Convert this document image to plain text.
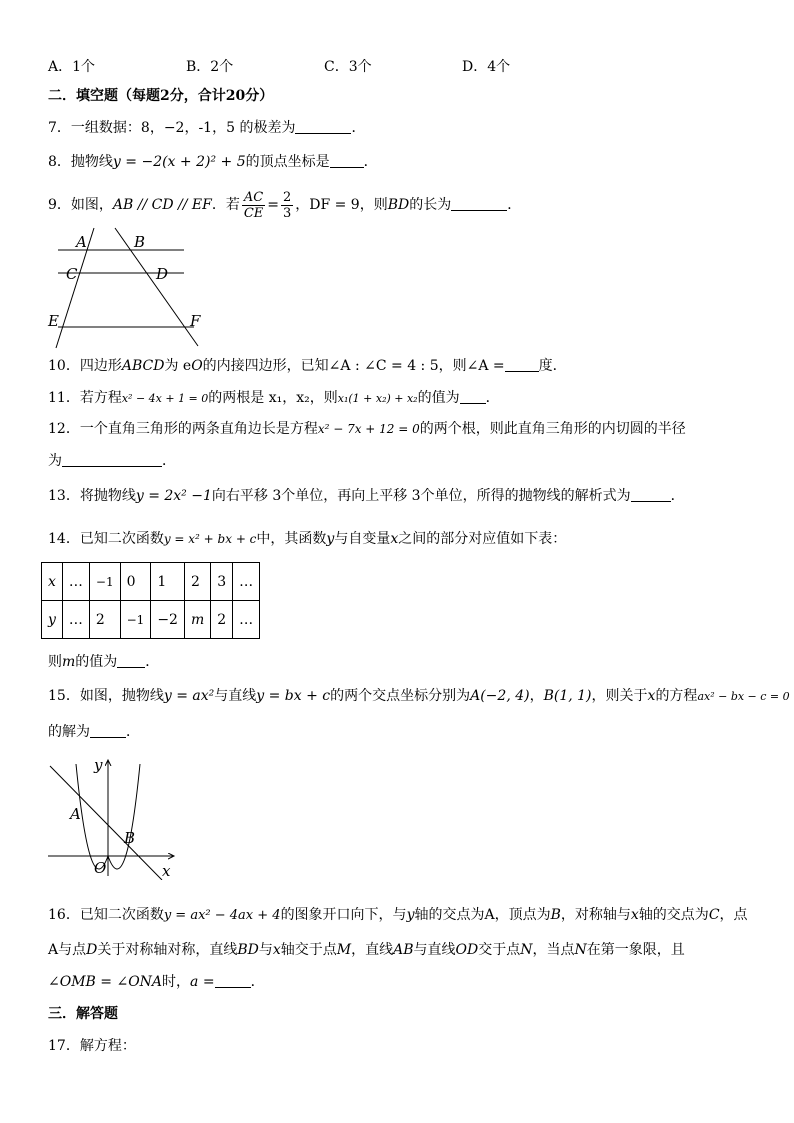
A．1个	B．2个	C．3个	D．4个
二．填空题（每题2分，合计20分）
7．一组数据：8，−2，-1，5 的极差为	．
8．抛物线y = −2(x + 2)² + 5的顶点坐标是 ．
9．如图，AB // CD // EF．若 $\frac{AC}{CE} = \frac{2}{3}$ ，DF = 9，则BD的长为	．
A	B
C	D
E	F
10．四边形ABCD为 eO的内接四边形，已知∠A : ∠C = 4 : 5，则∠A = 度．
11．若方程x² − 4x + 1 = 0的两根是 x₁，x₂，则x₁(1 + x₂) + x₂的值为 ．
12．一个直角三角形的两条直角边长是方程x² − 7x + 12 = 0的两个根，则此直角三角形的内切圆的半径
为	．
13．将抛物线y = 2x² −1向右平移 3个单位，再向上平移 3个单位，所得的抛物线的解析式为	．
14．已知二次函数y = x² + bx + c中，其函数y与自变量x之间的部分对应值如下表：
x	…	−1	0	1	2	3	…
y	…	2	−1	−2	m	2	…
则m的值为 ．
15．如图，抛物线y = ax²与直线y = bx + c的两个交点坐标分别为A(−2, 4)，B(1, 1)，则关于x的方程ax² − bx − c = 0
的解为	．
y
x
O
A
B
16．已知二次函数y = ax² − 4ax + 4的图象开口向下，与y轴的交点为A，顶点为B，对称轴与x轴的交点为C，点
A与点D关于对称轴对称，直线BD与x轴交于点M，直线AB与直线OD交于点N，当点N在第一象限，且
∠OMB = ∠ONA时，a =	．
三．解答题
17．解方程：
